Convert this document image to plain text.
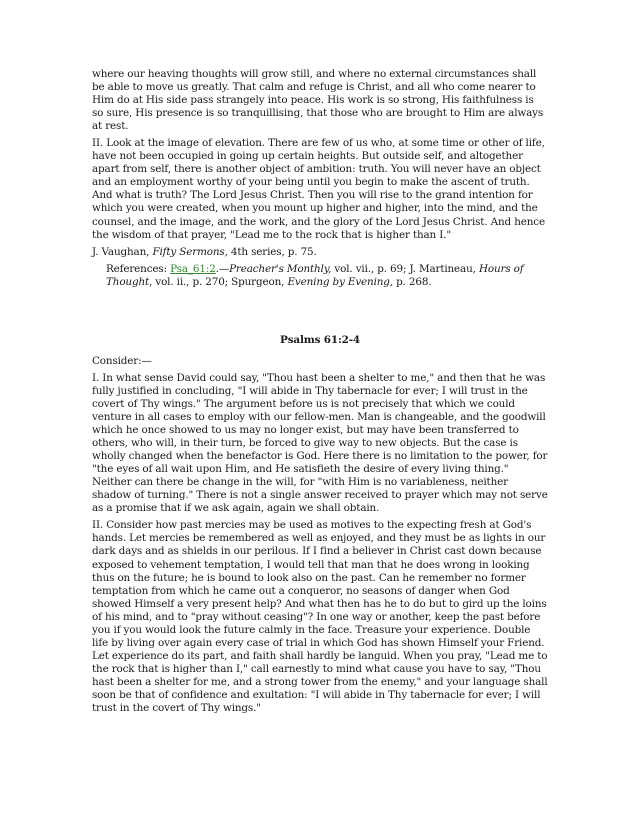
where our heaving thoughts will grow still, and where no external circumstances shall be able to move us greatly. That calm and refuge is Christ, and all who come nearer to Him do at His side pass strangely into peace. His work is so strong, His faithfulness is so sure, His presence is so tranquillising, that those who are brought to Him are always at rest.

II. Look at the image of elevation. There are few of us who, at some time or other of life, have not been occupied in going up certain heights. But outside self, and altogether apart from self, there is another object of ambition: truth. You will never have an object and an employment worthy of your being until you begin to make the ascent of truth. And what is truth? The Lord Jesus Christ. Then you will rise to the grand intention for which you were created, when you mount up higher and higher, into the mind, and the counsel, and the image, and the work, and the glory of the Lord Jesus Christ. And hence the wisdom of that prayer, "Lead me to the rock that is higher than I."

J. Vaughan, Fifty Sermons, 4th series, p. 75.

References: Psa_61:2.—Preacher's Monthly, vol. vii., p. 69; J. Martineau, Hours of Thought, vol. ii., p. 270; Spurgeon, Evening by Evening, p. 268.

Psalms 61:2-4

Consider:—

I. In what sense David could say, "Thou hast been a shelter to me," and then that he was fully justified in concluding, "I will abide in Thy tabernacle for ever; I will trust in the covert of Thy wings." The argument before us is not precisely that which we could venture in all cases to employ with our fellow-men. Man is changeable, and the goodwill which he once showed to us may no longer exist, but may have been transferred to others, who will, in their turn, be forced to give way to new objects. But the case is wholly changed when the benefactor is God. Here there is no limitation to the power, for "the eyes of all wait upon Him, and He satisfieth the desire of every living thing." Neither can there be change in the will, for "with Him is no variableness, neither shadow of turning." There is not a single answer received to prayer which may not serve as a promise that if we ask again, again we shall obtain.

II. Consider how past mercies may be used as motives to the expecting fresh at God's hands. Let mercies be remembered as well as enjoyed, and they must be as lights in our dark days and as shields in our perilous. If I find a believer in Christ cast down because exposed to vehement temptation, I would tell that man that he does wrong in looking thus on the future; he is bound to look also on the past. Can he remember no former temptation from which he came out a conqueror, no seasons of danger when God showed Himself a very present help? And what then has he to do but to gird up the loins of his mind, and to "pray without ceasing"? In one way or another, keep the past before you if you would look the future calmly in the face. Treasure your experience. Double life by living over again every case of trial in which God has shown Himself your Friend. Let experience do its part, and faith shall hardly be languid. When you pray, "Lead me to the rock that is higher than I," call earnestly to mind what cause you have to say, "Thou hast been a shelter for me, and a strong tower from the enemy," and your language shall soon be that of confidence and exultation: "I will abide in Thy tabernacle for ever; I will trust in the covert of Thy wings."
